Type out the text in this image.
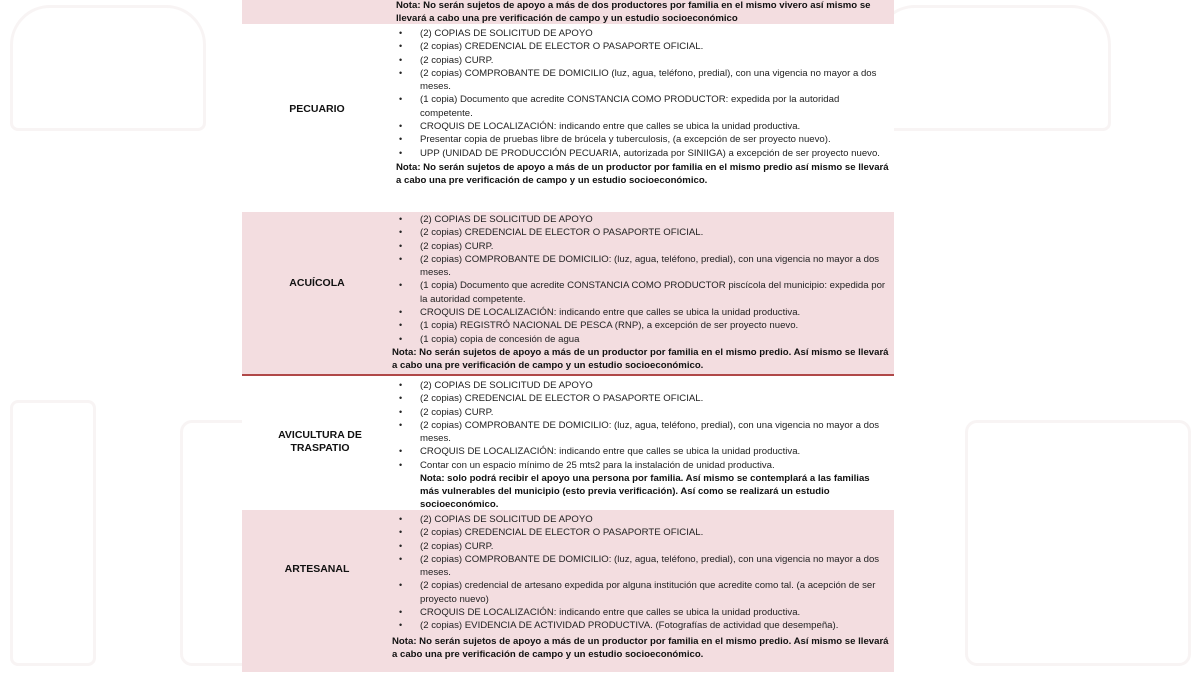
Nota: No serán sujetos de apoyo a más de dos productores por familia en el mismo vivero así mismo se llevará a cabo una pre verificación de campo y un estudio socioeconómico
PECUARIO
• (2) COPIAS DE SOLICITUD DE APOYO
• (2 copias) CREDENCIAL DE ELECTOR O PASAPORTE OFICIAL.
• (2 copias) CURP.
• (2 copias) COMPROBANTE DE DOMICILIO (luz, agua, teléfono, predial), con una vigencia no mayor a dos meses.
• (1 copia) Documento que acredite CONSTANCIA COMO PRODUCTOR: expedida por la autoridad competente.
• CROQUIS DE LOCALIZACIÓN: indicando entre que calles se ubica la unidad productiva.
• Presentar copia de pruebas libre de brúcela y tuberculosis, (a excepción de ser proyecto nuevo).
• UPP (UNIDAD DE PRODUCCIÓN PECUARIA, autorizada por SINIIGA) a excepción de ser proyecto nuevo.
Nota: No serán sujetos de apoyo a más de un productor por familia en el mismo predio así mismo se llevará a cabo una pre verificación de campo y un estudio socioeconómico.
ACUÍCOLA
• (2) COPIAS DE SOLICITUD DE APOYO
• (2 copias) CREDENCIAL DE ELECTOR O PASAPORTE OFICIAL.
• (2 copias) CURP.
• (2 copias) COMPROBANTE DE DOMICILIO: (luz, agua, teléfono, predial), con una vigencia no mayor a dos meses.
• (1 copia) Documento que acredite CONSTANCIA COMO PRODUCTOR piscícola del municipio: expedida por la autoridad competente.
• CROQUIS DE LOCALIZACIÓN: indicando entre que calles se ubica la unidad productiva.
• (1 copia) REGISTRÓ NACIONAL DE PESCA (RNP), a excepción de ser proyecto nuevo.
• (1 copia) copia de concesión de agua
Nota: No serán sujetos de apoyo a más de un productor por familia en el mismo predio. Así mismo se llevará a cabo una pre verificación de campo y un estudio socioeconómico.
AVICULTURA DE TRASPATIO
• (2) COPIAS DE SOLICITUD DE APOYO
• (2 copias) CREDENCIAL DE ELECTOR O PASAPORTE OFICIAL.
• (2 copias) CURP.
• (2 copias) COMPROBANTE DE DOMICILIO: (luz, agua, teléfono, predial), con una vigencia no mayor a dos meses.
• CROQUIS DE LOCALIZACIÓN: indicando entre que calles se ubica la unidad productiva.
• Contar con un espacio mínimo de 25 mts2 para la instalación de unidad productiva.
Nota: solo podrá recibir el apoyo una persona por familia. Así mismo se contemplará a las familias más vulnerables del municipio (esto previa verificación). Así como se realizará un estudio socioeconómico.
ARTESANAL
• (2) COPIAS DE SOLICITUD DE APOYO
• (2 copias) CREDENCIAL DE ELECTOR O PASAPORTE OFICIAL.
• (2 copias) CURP.
• (2 copias) COMPROBANTE DE DOMICILIO: (luz, agua, teléfono, predial), con una vigencia no mayor a dos meses.
• (2 copias) credencial de artesano expedida por alguna institución que acredite como tal. (a acepción de ser proyecto nuevo)
• CROQUIS DE LOCALIZACIÓN: indicando entre que calles se ubica la unidad productiva.
• (2 copias) EVIDENCIA DE ACTIVIDAD PRODUCTIVA. (Fotografías de actividad que desempeña).
Nota: No serán sujetos de apoyo a más de un productor por familia en el mismo predio. Así mismo se llevará a cabo una pre verificación de campo y un estudio socioeconómico.
